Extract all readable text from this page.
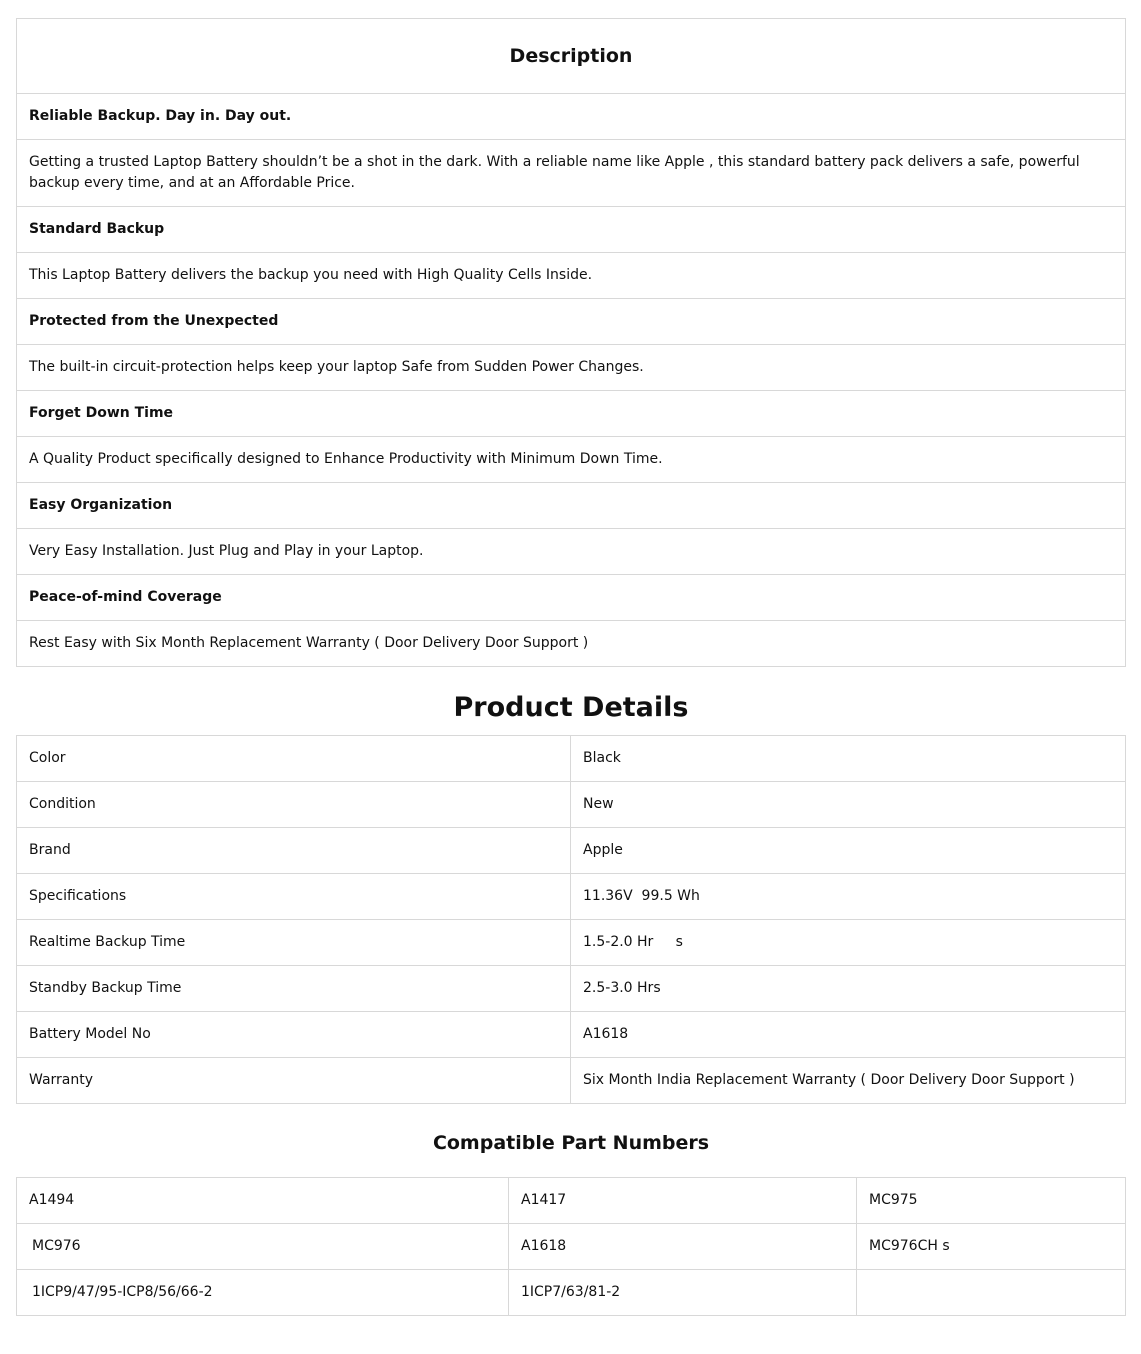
Description
Reliable Backup. Day in. Day out.
Getting a trusted Laptop Battery shouldn’t be a shot in the dark. With a reliable name like Apple , this standard battery pack delivers a safe, powerful backup every time, and at an Affordable Price.
Standard Backup
This Laptop Battery delivers the backup you need with High Quality Cells Inside.
Protected from the Unexpected
The built-in circuit-protection helps keep your laptop Safe from Sudden Power Changes.
Forget Down Time
A Quality Product specifically designed to Enhance Productivity with Minimum Down Time.
Easy Organization
Very Easy Installation. Just Plug and Play in your Laptop.
Peace-of-mind Coverage
Rest Easy with Six Month Replacement Warranty ( Door Delivery Door Support )
Product Details
Color	Black
Condition	New
Brand	Apple
Specifications	11.36V  99.5 Wh
Realtime Backup Time	1.5-2.0 Hr     s
Standby Backup Time	2.5-3.0 Hrs
Battery Model No	A1618
Warranty	Six Month India Replacement Warranty ( Door Delivery Door Support )
Compatible Part Numbers
A1494	A1417	MC975
MC976	A1618	MC976CH s
1ICP9/47/95-ICP8/56/66-2	1ICP7/63/81-2	
